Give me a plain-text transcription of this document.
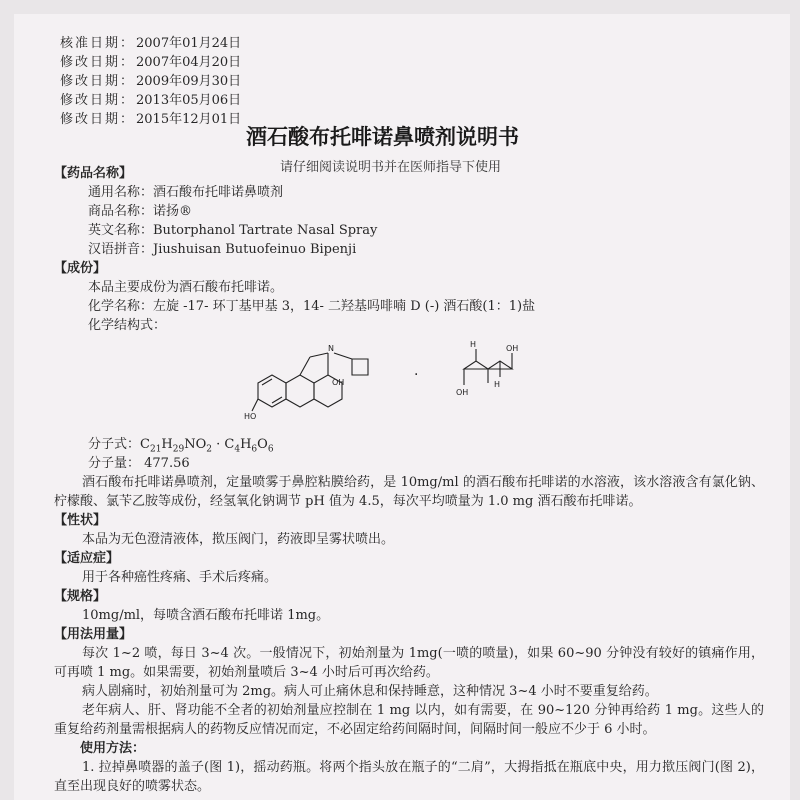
核准日期： 2007年01月24日
修改日期： 2007年04月20日
修改日期： 2009年09月30日
修改日期： 2013年05月06日
修改日期： 2015年12月01日
酒石酸布托啡诺鼻喷剂说明书
请仔细阅读说明书并在医师指导下使用
【药品名称】
通用名称：酒石酸布托啡诺鼻喷剂
商品名称：诺扬®
英文名称：Butorphanol Tartrate Nasal Spray
汉语拼音：Jiushuisan Butuofeinuo Bipenji
【成份】
本品主要成份为酒石酸布托啡诺。
化学名称：左旋 -17- 环丁基甲基 3，14- 二羟基吗啡喃 D (-) 酒石酸(1：1)盐
化学结构式：
HO
N
OH	·
OH
OH
H
H
分子式：$C_{21}H_{29}NO_2 \cdot C_4H_6O_6$
分子量： 477.56
酒石酸布托啡诺鼻喷剂，定量喷雾于鼻腔粘膜给药，是 10mg/ml 的酒石酸布托啡诺的水溶液，该水溶液含有氯化钠、柠檬酸、氯苄乙胺等成份，经氢氧化钠调节 pH 值为 4.5，每次平均喷量为 1.0 mg 酒石酸布托啡诺。
【性状】
本品为无色澄清液体，揿压阀门，药液即呈雾状喷出。
【适应症】
用于各种癌性疼痛、手术后疼痛。
【规格】
10mg/ml，每喷含酒石酸布托啡诺 1mg。
【用法用量】
每次 1~2 喷，每日 3~4 次。一般情况下，初始剂量为 1mg(一喷的喷量)，如果 60~90 分钟没有较好的镇痛作用，可再喷 1 mg。如果需要，初始剂量喷后 3~4 小时后可再次给药。
病人剧痛时，初始剂量可为 2mg。病人可止痛休息和保持睡意，这种情况 3~4 小时不要重复给药。
老年病人、肝、肾功能不全者的初始剂量应控制在 1 mg 以内，如有需要，在 90~120 分钟再给药 1 mg。这些人的重复给药剂量需根据病人的药物反应情况而定，不必固定给药间隔时间，间隔时间一般应不少于 6 小时。
使用方法：
1. 拉掉鼻喷器的盖子(图 1)，摇动药瓶。将两个指头放在瓶子的“二肩”，大拇指抵在瓶底中央，用力揿压阀门(图 2)，直至出现良好的喷雾状态。
